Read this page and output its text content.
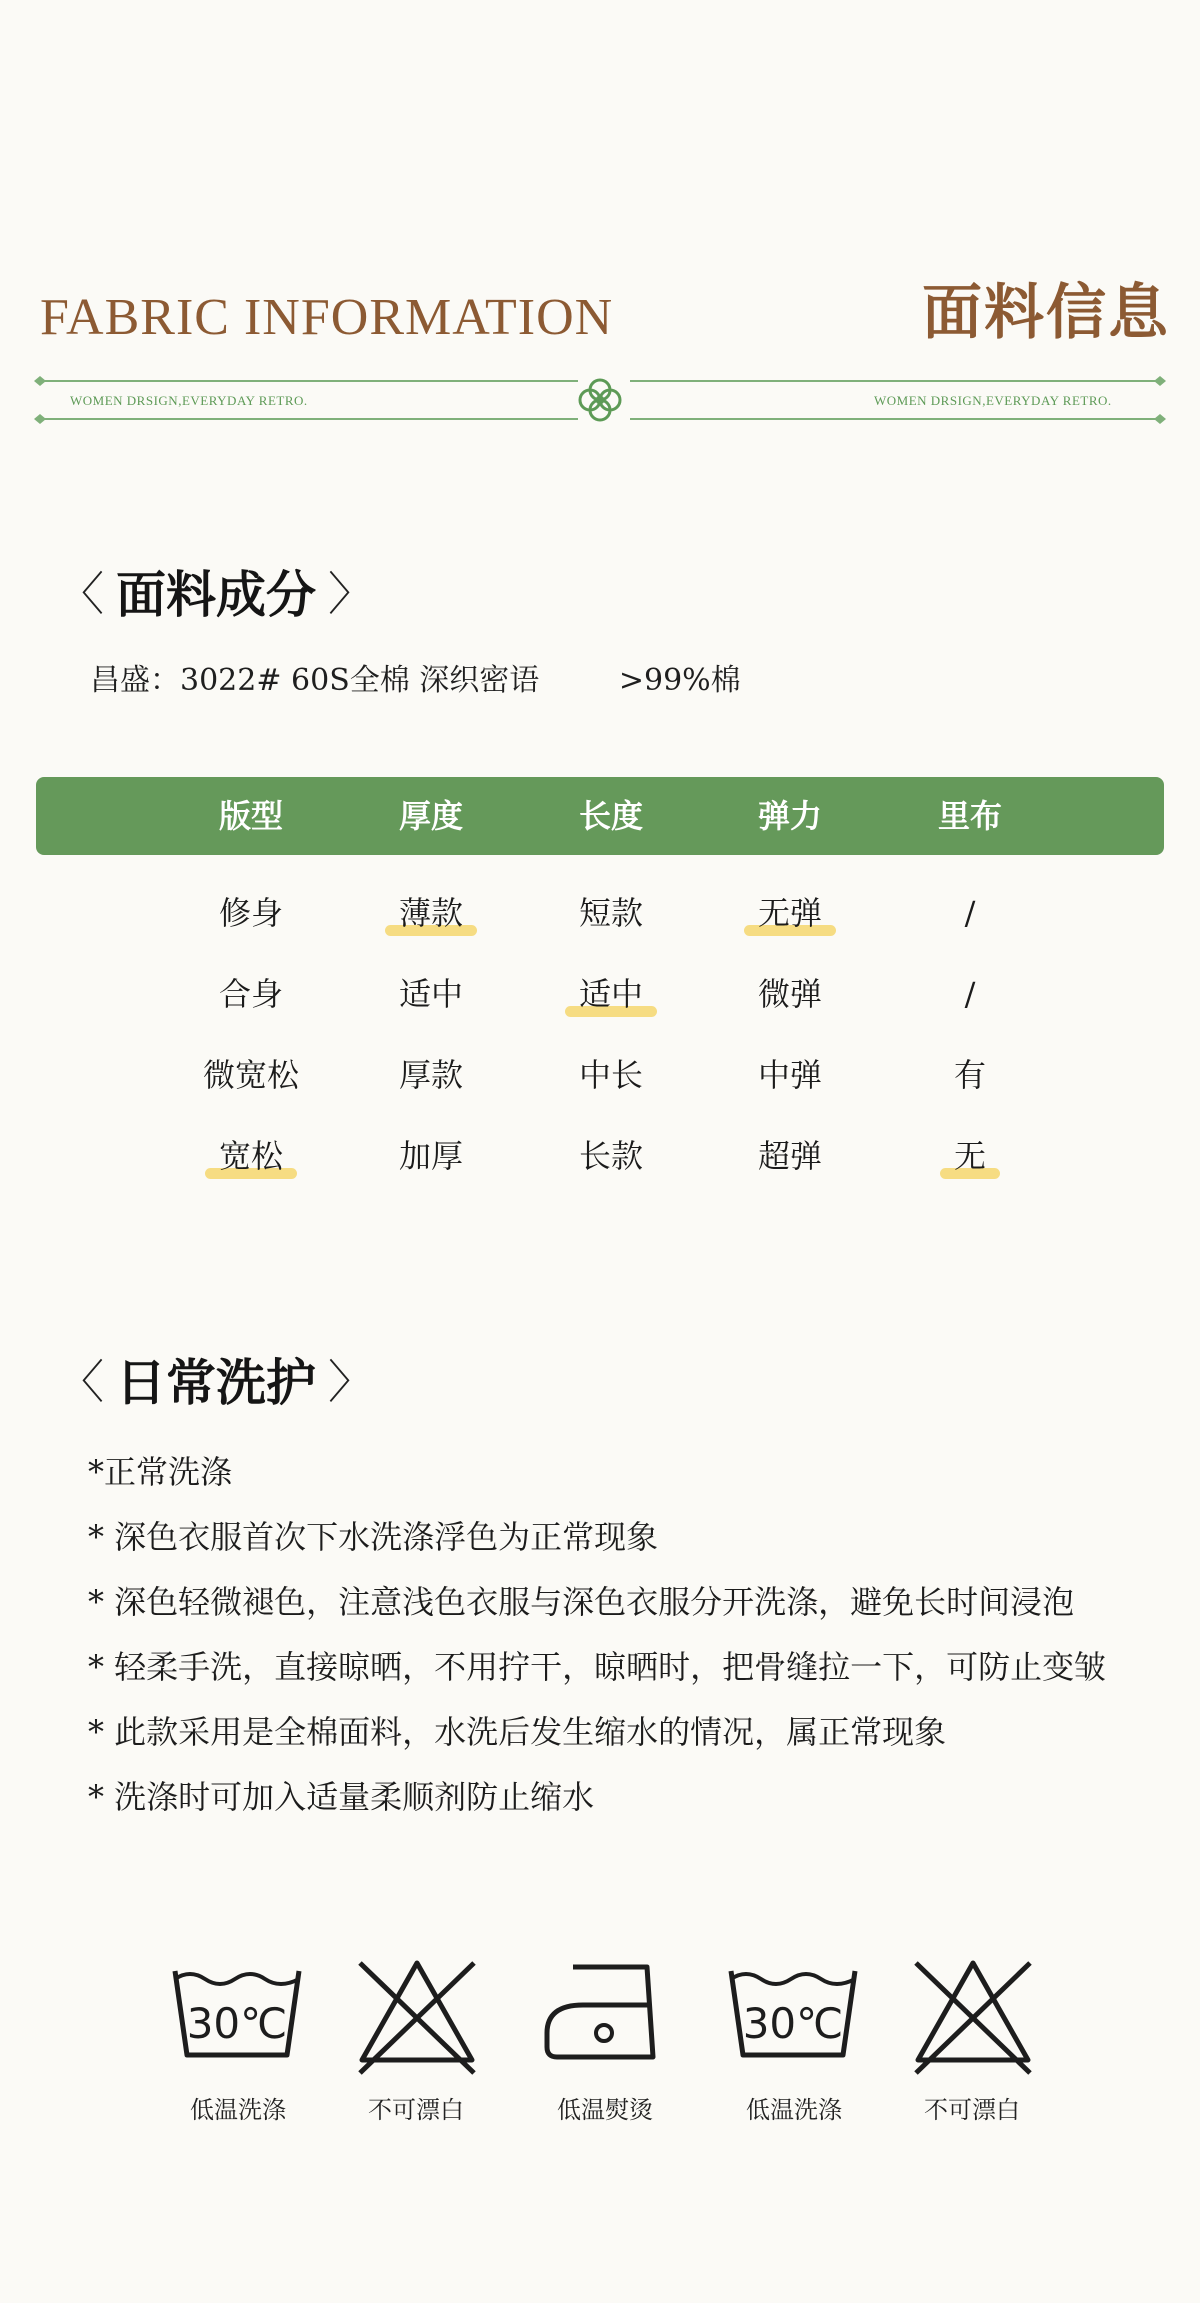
FABRIC INFORMATION	面料信息
WOMEN DRSIGN,EVERYDAY RETRO.	WOMEN DRSIGN,EVERYDAY RETRO.
〈 面料成分 〉
昌盛：3022# 60S全棉 深织密语	>99%棉
版型	厚度	长度	弹力	里布
修身	薄款	短款	无弹	/
合身	适中	适中	微弹	/
微宽松	厚款	中长	中弹	有
宽松	加厚	长款	超弹	无
〈 日常洗护 〉
*正常洗涤
* 深色衣服首次下水洗涤浮色为正常现象
* 深色轻微褪色，注意浅色衣服与深色衣服分开洗涤，避免长时间浸泡
* 轻柔手洗，直接晾晒，不用拧干，晾晒时，把骨缝拉一下，可防止变皱
* 此款采用是全棉面料，水洗后发生缩水的情况，属正常现象
* 洗涤时可加入适量柔顺剂防止缩水
30℃
低温洗涤	不可漂白	低温熨烫
30℃
低温洗涤	不可漂白
